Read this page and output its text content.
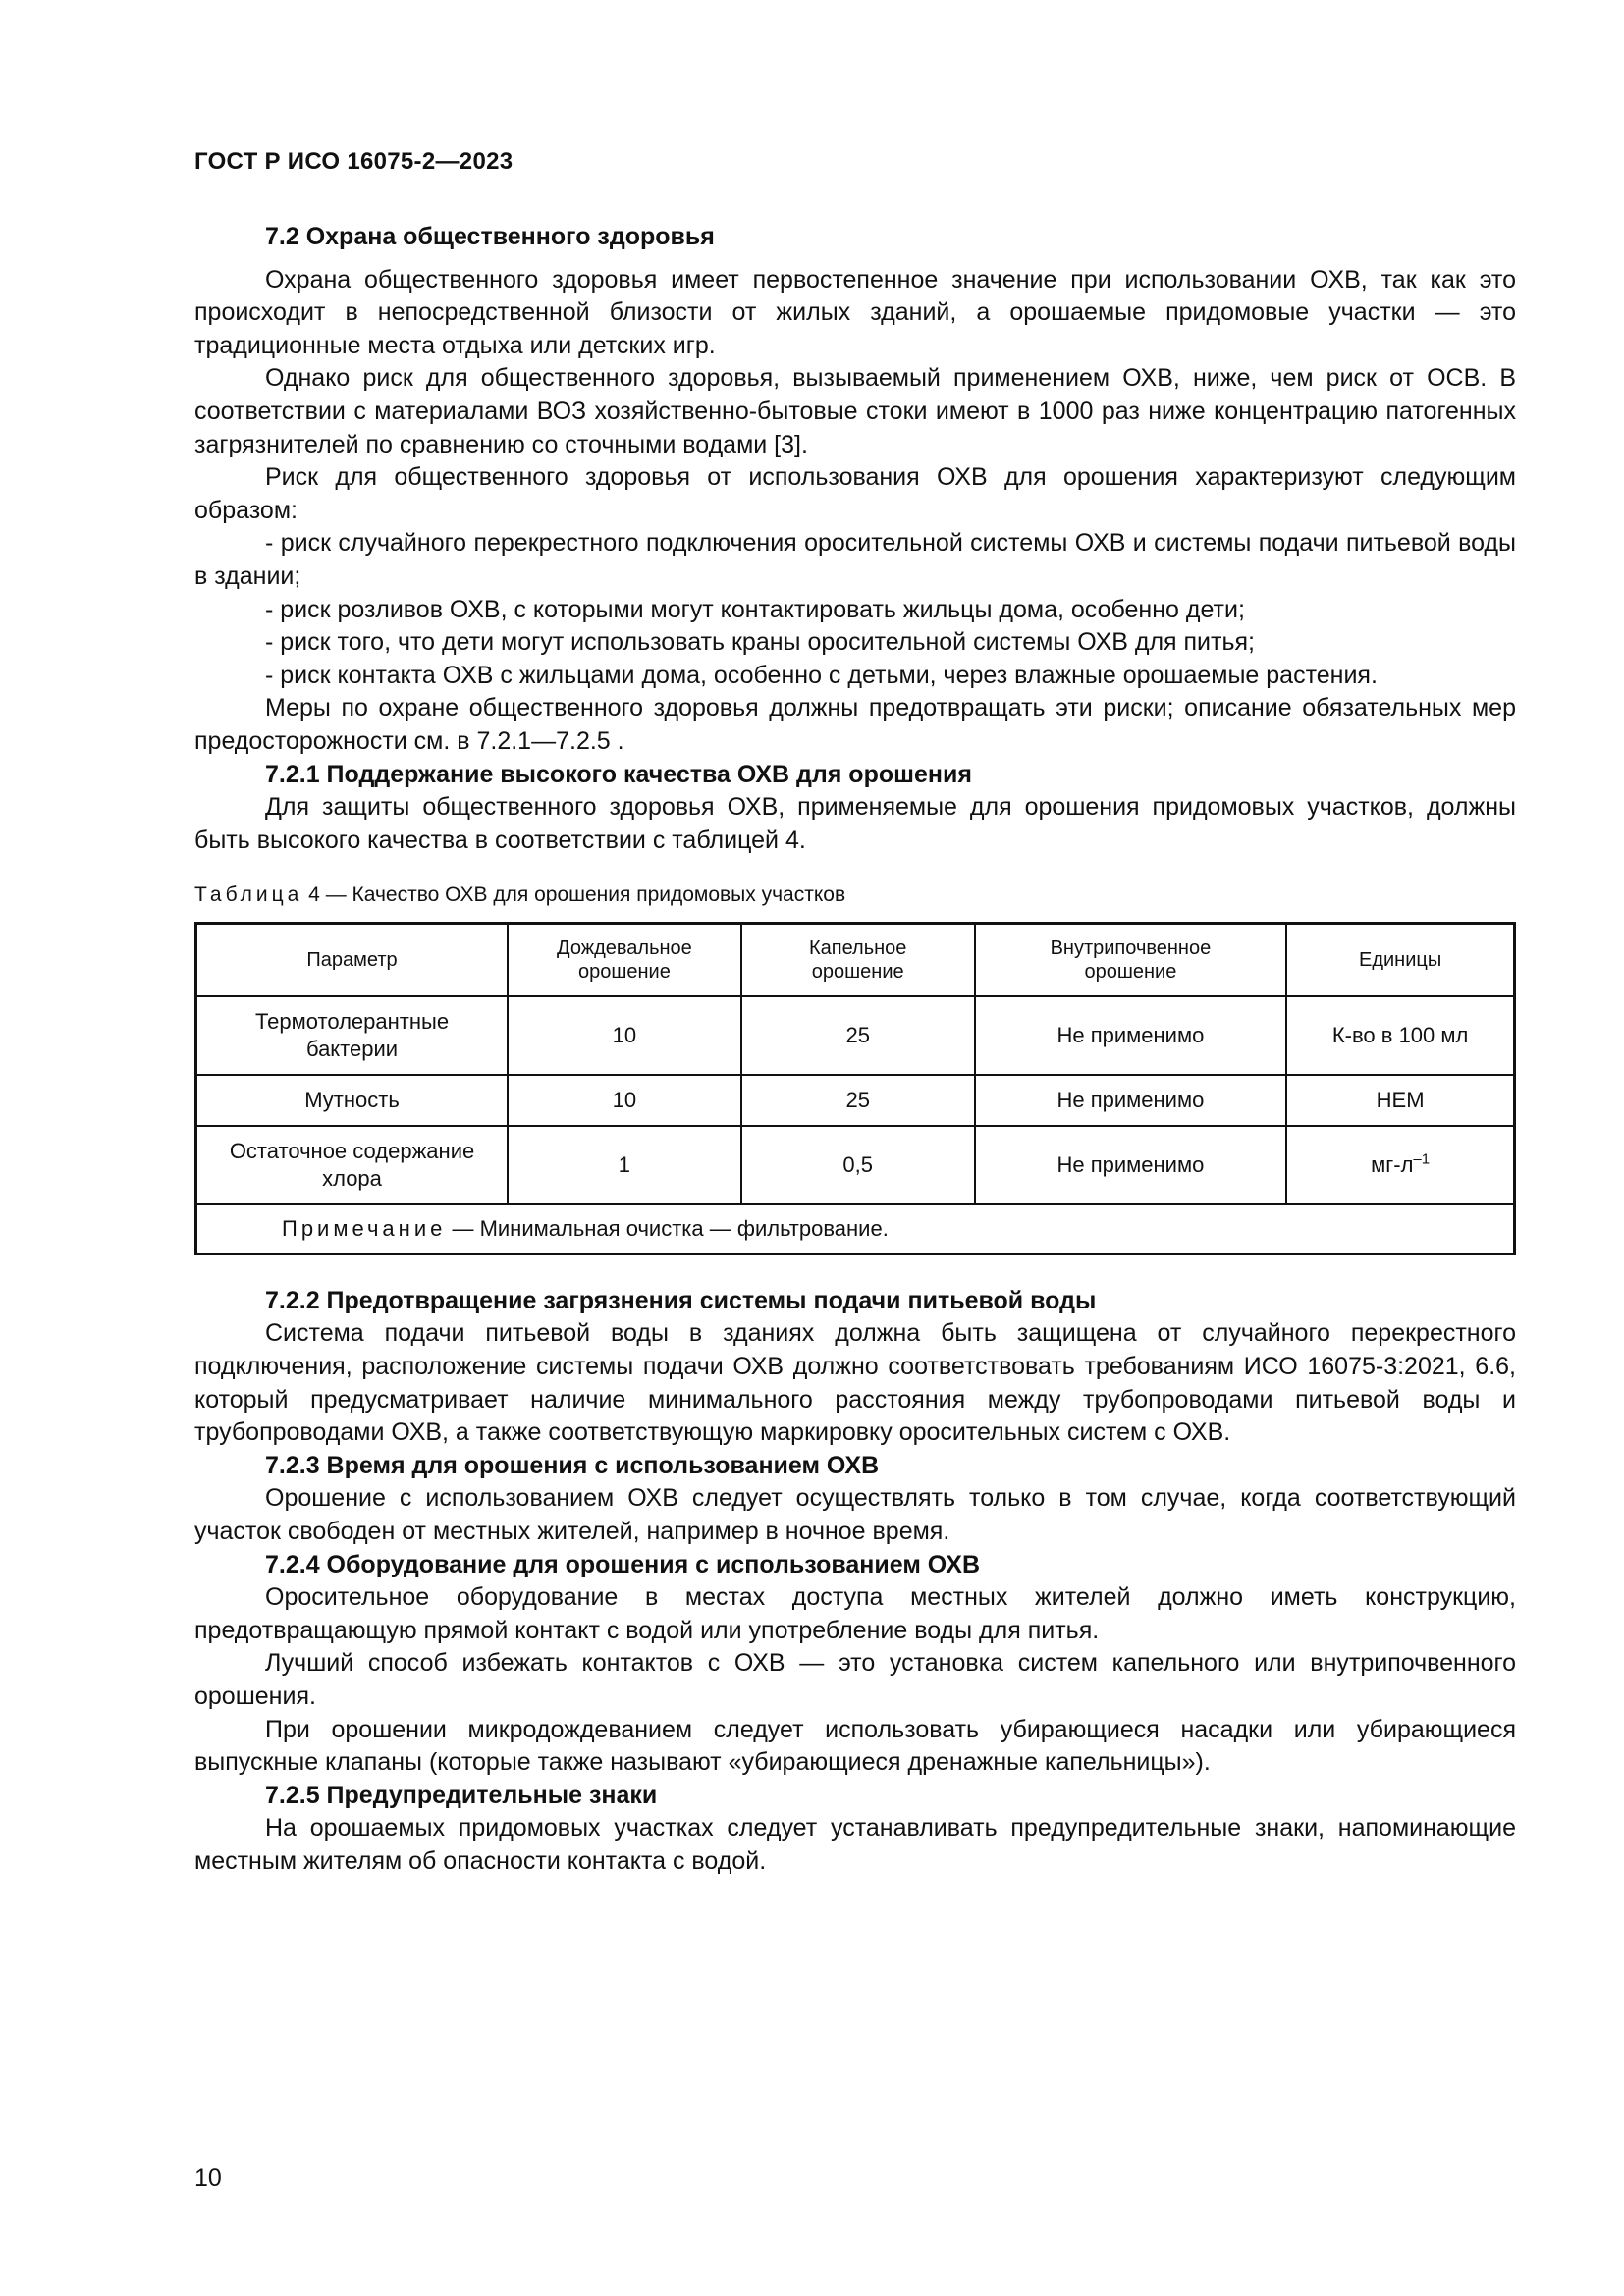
ГОСТ Р ИСО 16075-2—2023
7.2 Охрана общественного здоровья

Охрана общественного здоровья имеет первостепенное значение при использовании ОХВ, так как это происходит в непосредственной близости от жилых зданий, а орошаемые придомовые участки — это традиционные места отдыха или детских игр.

Однако риск для общественного здоровья, вызываемый применением ОХВ, ниже, чем риск от ОСВ. В соответствии с материалами ВОЗ хозяйственно-бытовые стоки имеют в 1000 раз ниже концентрацию патогенных загрязнителей по сравнению со сточными водами [3].

Риск для общественного здоровья от использования ОХВ для орошения характеризуют следующим образом:

- риск случайного перекрестного подключения оросительной системы ОХВ и системы подачи питьевой воды в здании;

- риск розливов ОХВ, с которыми могут контактировать жильцы дома, особенно дети;

- риск того, что дети могут использовать краны оросительной системы ОХВ для питья;

- риск контакта ОХВ с жильцами дома, особенно с детьми, через влажные орошаемые растения.

Меры по охране общественного здоровья должны предотвращать эти риски; описание обязательных мер предосторожности см. в 7.2.1—7.2.5 .

7.2.1 Поддержание высокого качества ОХВ для орошения

Для защиты общественного здоровья ОХВ, применяемые для орошения придомовых участков, должны быть высокого качества в соответствии с таблицей 4.

Таблица 4 — Качество ОХВ для орошения придомовых участков
Параметр	Дождевальное орошение	Капельное орошение	Внутрипочвенное орошение	Единицы
Термотолерантные бактерии	10	25	Не применимо	К-во в 100 мл
Мутность	10	25	Не применимо	НЕМ
Остаточное содержание хлора	1	0,5	Не применимо	$мг-л^{-1}$
Примечание — Минимальная очистка — фильтрование.				
7.2.2 Предотвращение загрязнения системы подачи питьевой воды

Система подачи питьевой воды в зданиях должна быть защищена от случайного перекрестного подключения, расположение системы подачи ОХВ должно соответствовать требованиям ИСО 16075-3:2021, 6.6, который предусматривает наличие минимального расстояния между трубопроводами питьевой воды и трубопроводами ОХВ, а также соответствующую маркировку оросительных систем с ОХВ.

7.2.3 Время для орошения с использованием ОХВ

Орошение с использованием ОХВ следует осуществлять только в том случае, когда соответствующий участок свободен от местных жителей, например в ночное время.

7.2.4 Оборудование для орошения с использованием ОХВ

Оросительное оборудование в местах доступа местных жителей должно иметь конструкцию, предотвращающую прямой контакт с водой или употребление воды для питья.

Лучший способ избежать контактов с ОХВ — это установка систем капельного или внутрипочвенного орошения.

При орошении микродождеванием следует использовать убирающиеся насадки или убирающиеся выпускные клапаны (которые также называют «убирающиеся дренажные капельницы»).

7.2.5 Предупредительные знаки

На орошаемых придомовых участках следует устанавливать предупредительные знаки, напоминающие местным жителям об опасности контакта с водой.

10
